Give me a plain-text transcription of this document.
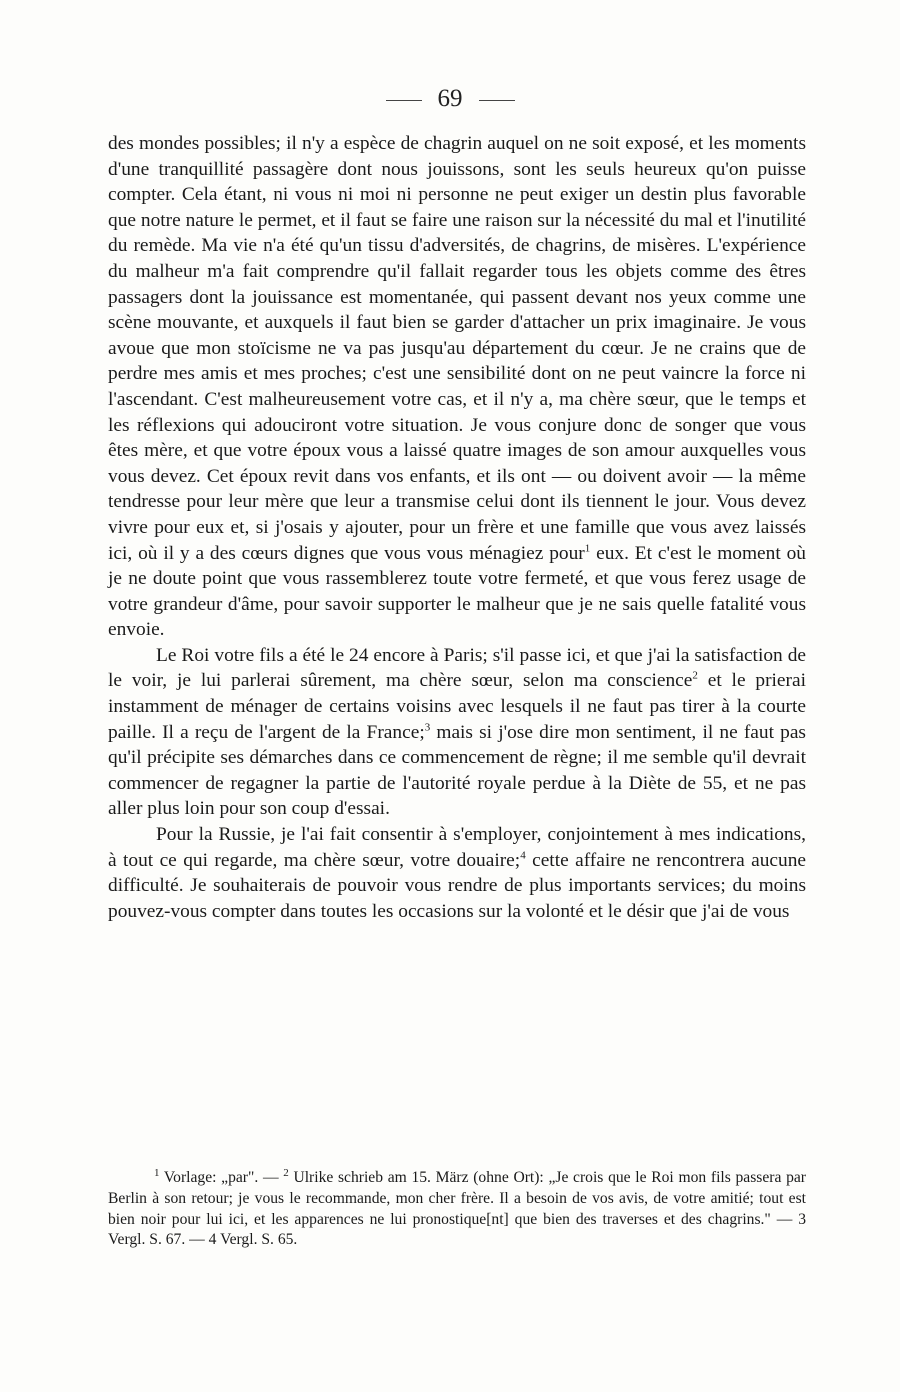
69

des mondes possibles; il n'y a espèce de chagrin auquel on ne soit exposé, et les moments d'une tranquillité passagère dont nous jouissons, sont les seuls heureux qu'on puisse compter. Cela étant, ni vous ni moi ni personne ne peut exiger un destin plus favorable que notre nature le permet, et il faut se faire une raison sur la nécessité du mal et l'inutilité du remède. Ma vie n'a été qu'un tissu d'adversités, de chagrins, de misères. L'expérience du malheur m'a fait comprendre qu'il fallait regarder tous les objets comme des êtres passagers dont la jouissance est momentanée, qui passent devant nos yeux comme une scène mouvante, et auxquels il faut bien se garder d'attacher un prix imaginaire. Je vous avoue que mon stoïcisme ne va pas jusqu'au département du cœur. Je ne crains que de perdre mes amis et mes proches; c'est une sensibilité dont on ne peut vaincre la force ni l'ascendant. C'est malheureusement votre cas, et il n'y a, ma chère sœur, que le temps et les réflexions qui adouciront votre situation. Je vous conjure donc de songer que vous êtes mère, et que votre époux vous a laissé quatre images de son amour auxquelles vous vous devez. Cet époux revit dans vos enfants, et ils ont — ou doivent avoir — la même tendresse pour leur mère que leur a transmise celui dont ils tiennent le jour. Vous devez vivre pour eux et, si j'osais y ajouter, pour un frère et une famille que vous avez laissés ici, où il y a des cœurs dignes que vous vous ménagiez pour$^1$ eux. Et c'est le moment où je ne doute point que vous rassemblerez toute votre fermeté, et que vous ferez usage de votre grandeur d'âme, pour savoir supporter le malheur que je ne sais quelle fatalité vous envoie.

Le Roi votre fils a été le 24 encore à Paris; s'il passe ici, et que j'ai la satisfaction de le voir, je lui parlerai sûrement, ma chère sœur, selon ma conscience$^2$ et le prierai instamment de ménager de certains voisins avec lesquels il ne faut pas tirer à la courte paille. Il a reçu de l'argent de la France;$^3$ mais si j'ose dire mon sentiment, il ne faut pas qu'il précipite ses démarches dans ce commencement de règne; il me semble qu'il devrait commencer de regagner la partie de l'autorité royale perdue à la Diète de 55, et ne pas aller plus loin pour son coup d'essai.

Pour la Russie, je l'ai fait consentir à s'employer, conjointement à mes indications, à tout ce qui regarde, ma chère sœur, votre douaire;$^4$ cette affaire ne rencontrera aucune difficulté. Je souhaiterais de pouvoir vous rendre de plus importants services; du moins pouvez-vous compter dans toutes les occasions sur la volonté et le désir que j'ai de vous

$^1$ Vorlage: „par". — $^2$ Ulrike schrieb am 15. März (ohne Ort): „Je crois que le Roi mon fils passera par Berlin à son retour; je vous le recommande, mon cher frère. Il a besoin de vos avis, de votre amitié; tout est bien noir pour lui ici, et les apparences ne lui pronostique[nt] que bien des traverses et des chagrins." — 3 Vergl. S. 67. — 4 Vergl. S. 65.
